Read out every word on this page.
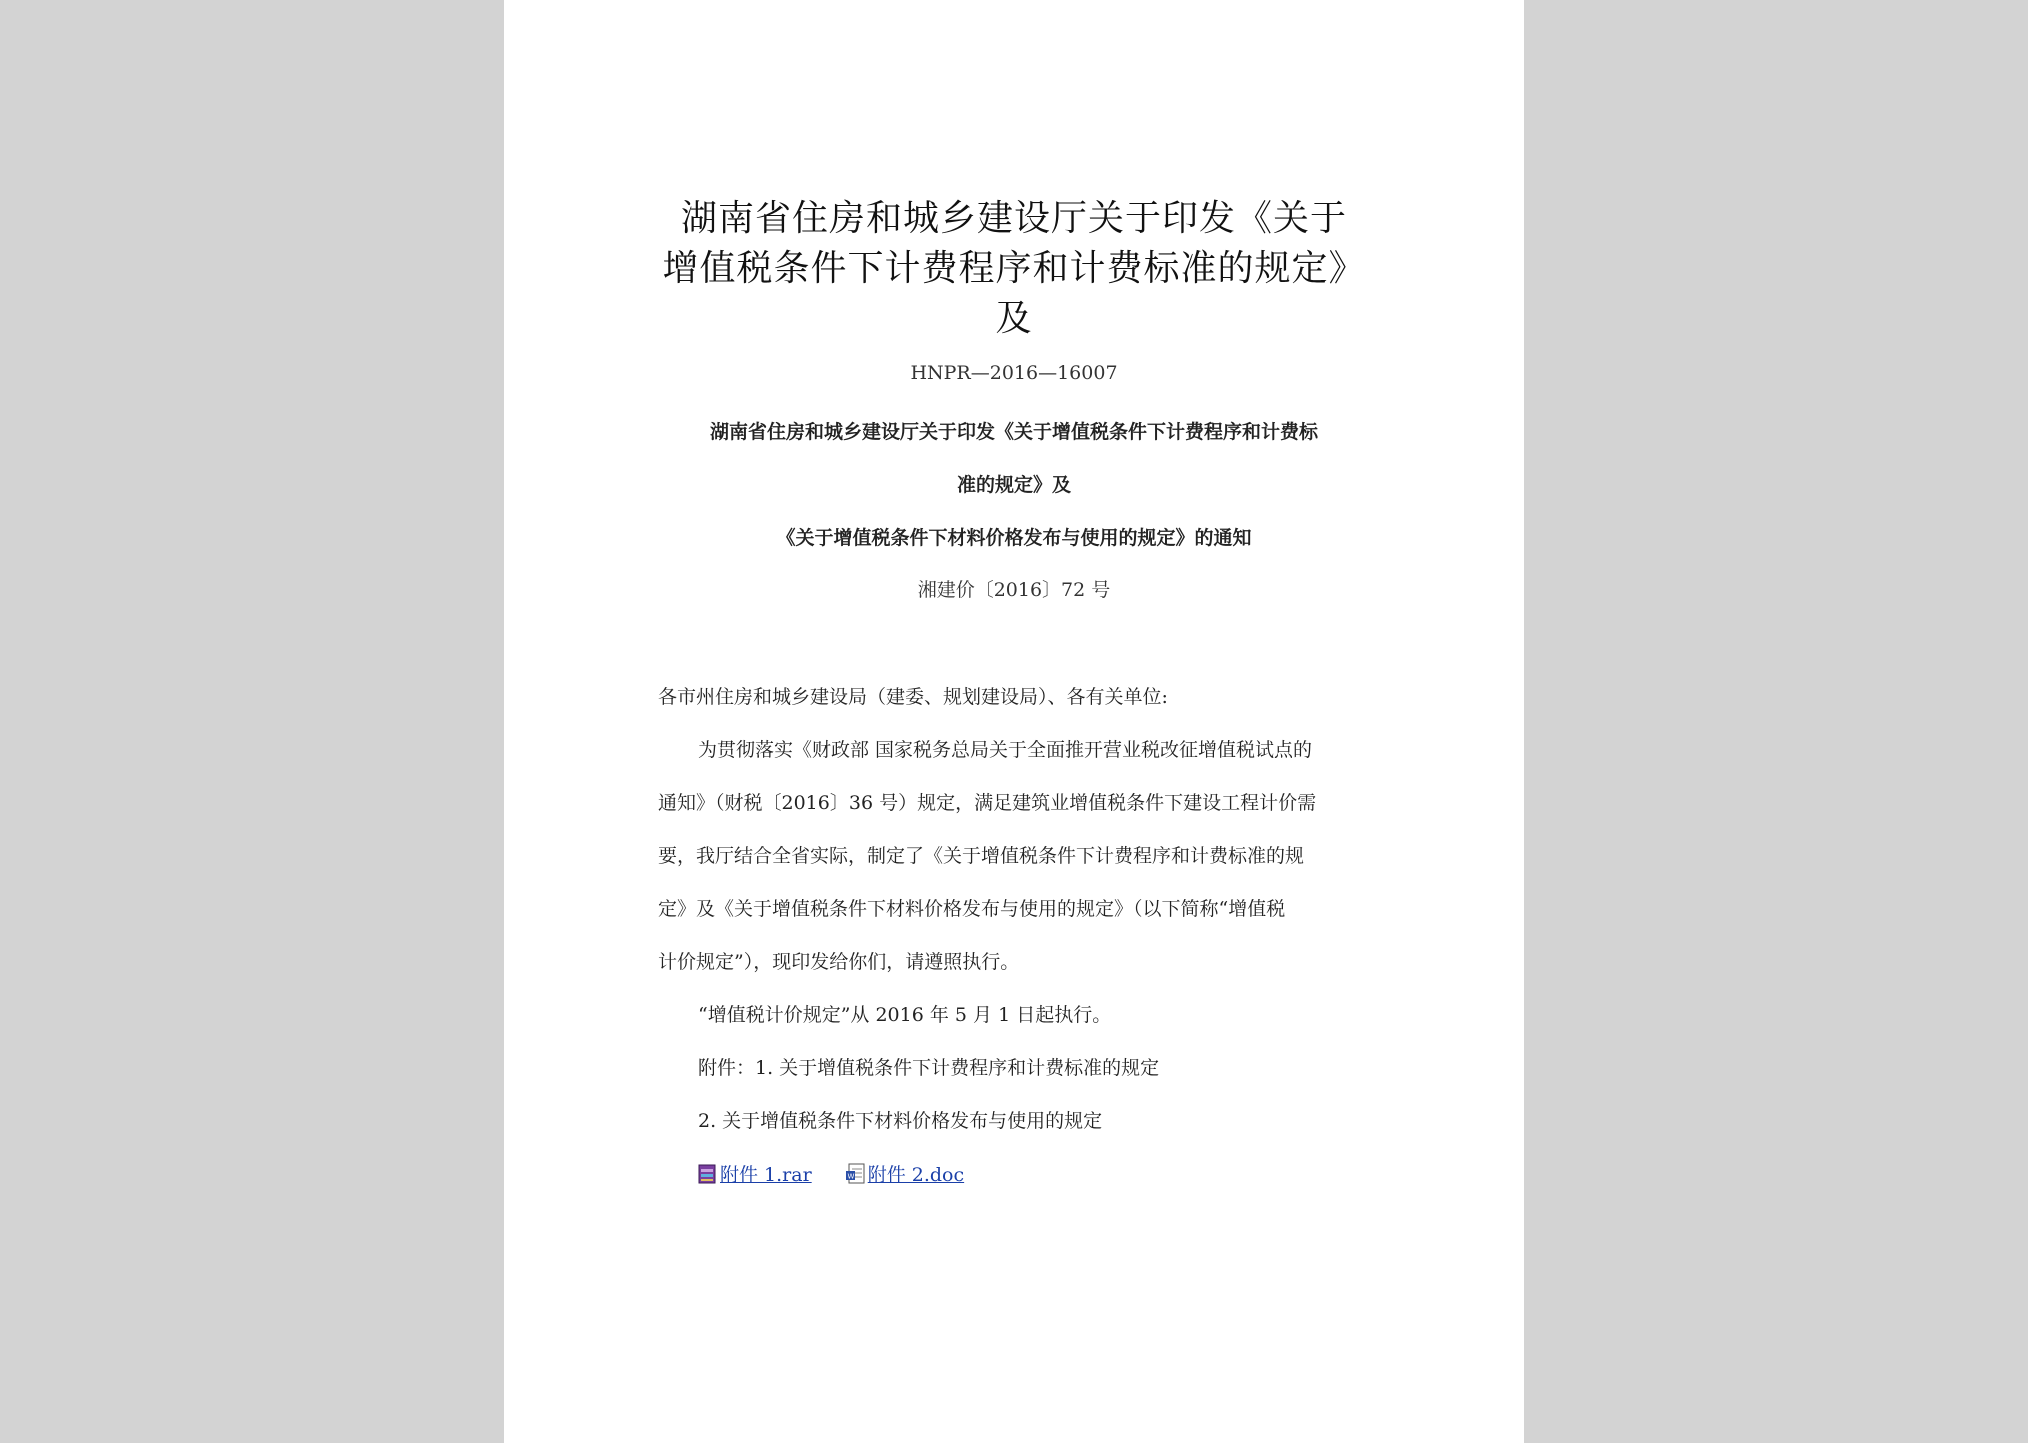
湖南省住房和城乡建设厅关于印发《关于
增值税条件下计费程序和计费标准的规定》
及
HNPR—2016—16007
湖南省住房和城乡建设厅关于印发《关于增值税条件下计费程序和计费标
准的规定》及
《关于增值税条件下材料价格发布与使用的规定》的通知
湘建价〔2016〕72 号
各市州住房和城乡建设局（建委、规划建设局）、各有关单位:
为贯彻落实《财政部 国家税务总局关于全面推开营业税改征增值税试点的
通知》（财税〔2016〕36 号）规定，满足建筑业增值税条件下建设工程计价需
要，我厅结合全省实际，制定了《关于增值税条件下计费程序和计费标准的规
定》及《关于增值税条件下材料价格发布与使用的规定》（以下简称“增值税
计价规定”），现印发给你们，请遵照执行。
“增值税计价规定”从 2016 年 5 月 1 日起执行。
附件：1. 关于增值税条件下计费程序和计费标准的规定
2. 关于增值税条件下材料价格发布与使用的规定
附件 1.rar
	W 附件 2.doc
